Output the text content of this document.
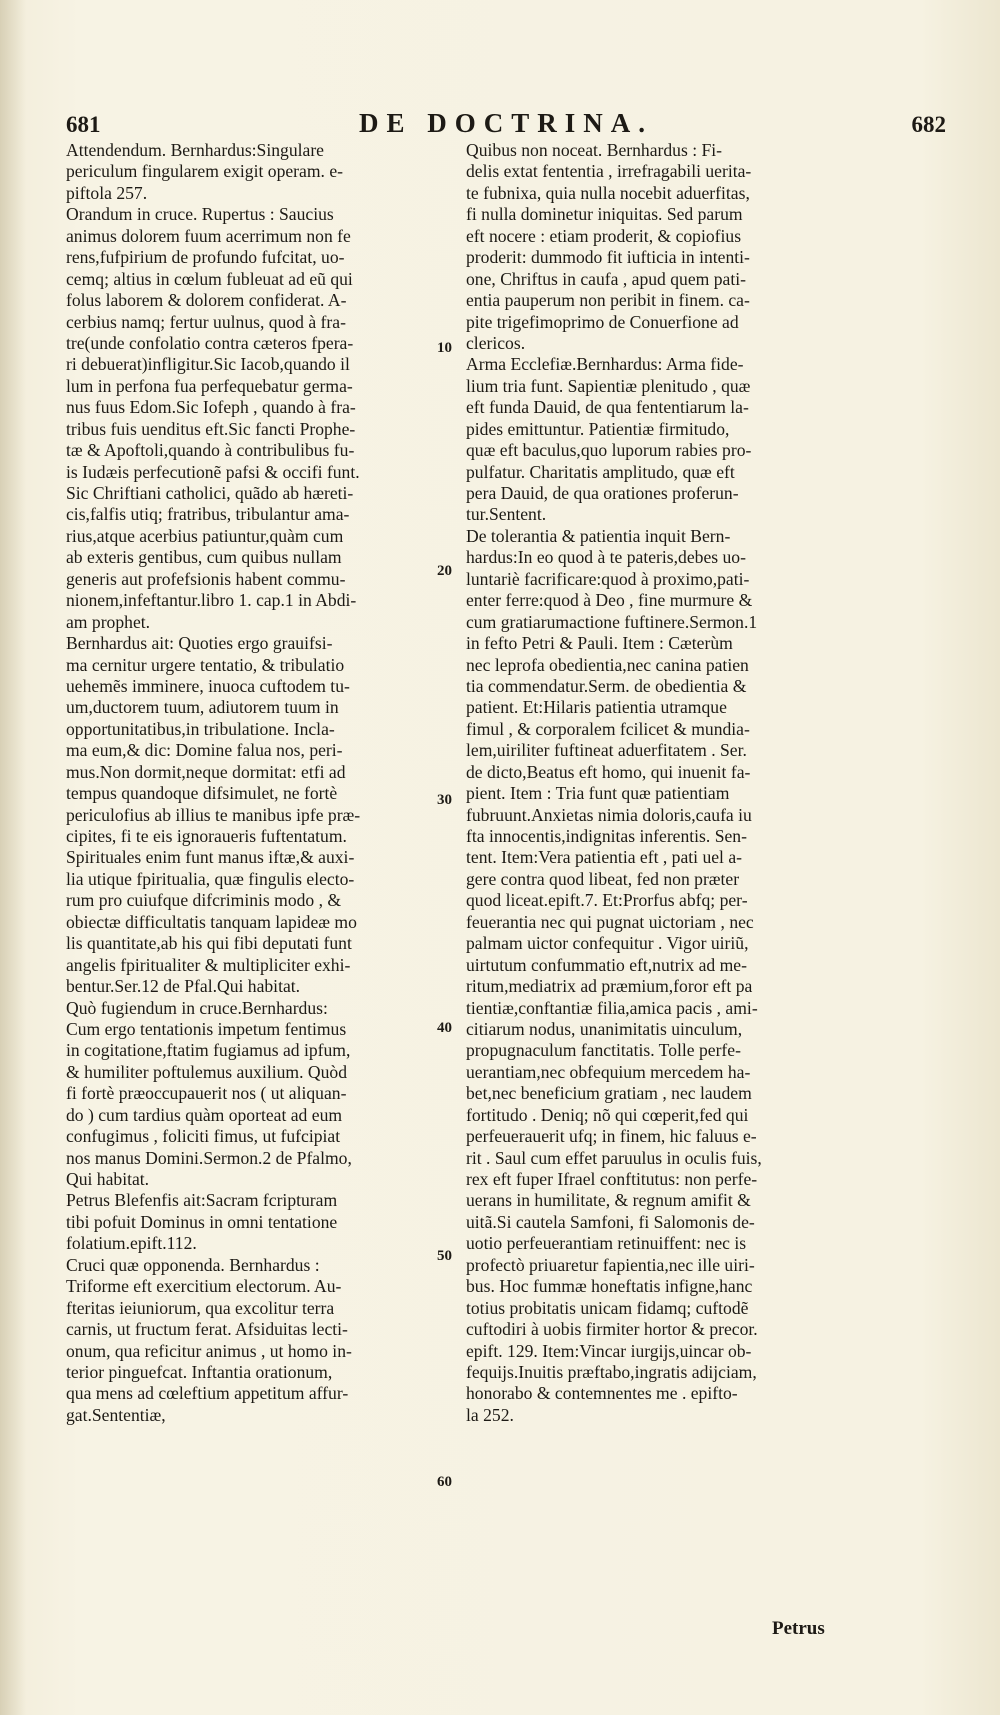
681	DE DOCTRINA.	682
Attendendum. Bernhardus:Singulare
periculum fingularem exigit operam. e-
piftola 257.
Orandum in cruce. Rupertus : Saucius
animus dolorem fuum acerrimum non fe
rens,fufpirium de profundo fufcitat, uo-
cemq; altius in cœlum fubleuat ad eũ qui
folus laborem & dolorem confiderat. A-
cerbius namq; fertur uulnus, quod à fra-
tre(unde confolatio contra cæteros fpera-
ri debuerat)infligitur.Sic Iacob,quando il
lum in perfona fua perfequebatur germa-
nus fuus Edom.Sic Iofeph , quando à fra-
tribus fuis uenditus eft.Sic fancti Prophe-
tæ & Apoftoli,quando à contribulibus fu-
is Iudæis perfecutionẽ pafsi & occifi funt.
Sic Chriftiani catholici, quãdo ab hæreti-
cis,falfis utiq; fratribus, tribulantur ama-
rius,atque acerbius patiuntur,quàm cum
ab exteris gentibus, cum quibus nullam
generis aut profefsionis habent commu-
nionem,infeftantur.libro 1. cap.1 in Abdi-
am prophet.
Bernhardus ait: Quoties ergo grauifsi-
ma cernitur urgere tentatio, & tribulatio
uehemẽs imminere, inuoca cuftodem tu-
um,ductorem tuum, adiutorem tuum in
opportunitatibus,in tribulatione. Incla-
ma eum,& dic: Domine falua nos, peri-
mus.Non dormit,neque dormitat: etfi ad
tempus quandoque difsimulet, ne fortè
periculofius ab illius te manibus ipfe præ-
cipites, fi te eis ignoraueris fuftentatum.
Spirituales enim funt manus iftæ,& auxi-
lia utique fpiritualia, quæ fingulis electo-
rum pro cuiufque difcriminis modo , &
obiectæ difficultatis tanquam lapideæ mo
lis quantitate,ab his qui fibi deputati funt
angelis fpiritualiter & multipliciter exhi-
bentur.Ser.12 de Pfal.Qui habitat.
Quò fugiendum in cruce.Bernhardus:
Cum ergo tentationis impetum fentimus
in cogitatione,ftatim fugiamus ad ipfum,
& humiliter poftulemus auxilium. Quòd
fi fortè præoccupauerit nos ( ut aliquan-
do ) cum tardius quàm oporteat ad eum
confugimus , foliciti fimus, ut fufcipiat
nos manus Domini.Sermon.2 de Pfalmo,
Qui habitat.
Petrus Blefenfis ait:Sacram fcripturam
tibi pofuit Dominus in omni tentatione
folatium.epift.112.
Cruci quæ opponenda. Bernhardus :
Triforme eft exercitium electorum. Au-
fteritas ieiuniorum, qua excolitur terra
carnis, ut fructum ferat. Afsiduitas lecti-
onum, qua reficitur animus , ut homo in-
terior pinguefcat. Inftantia orationum,
qua mens ad cœleftium appetitum affur-
gat.Sententiæ,
Quibus non noceat. Bernhardus : Fi-
delis extat fententia , irrefragabili uerita-
te fubnixa, quia nulla nocebit aduerfitas,
fi nulla dominetur iniquitas. Sed parum
eft nocere : etiam proderit, & copiofius
proderit: dummodo fit iufticia in intenti-
one, Chriftus in caufa , apud quem pati-
entia pauperum non peribit in finem. ca-
pite trigefimoprimo de Conuerfione ad
clericos.
Arma Ecclefiæ.Bernhardus: Arma fide-
lium tria funt. Sapientiæ plenitudo , quæ
eft funda Dauid, de qua fententiarum la-
pides emittuntur. Patientiæ firmitudo,
quæ eft baculus,quo luporum rabies pro-
pulfatur. Charitatis amplitudo, quæ eft
pera Dauid, de qua orationes proferun-
tur.Sentent.
De tolerantia & patientia inquit Bern-
hardus:In eo quod à te pateris,debes uo-
luntariè facrificare:quod à proximo,pati-
enter ferre:quod à Deo , fine murmure &
cum gratiarumactione fuftinere.Sermon.1
in fefto Petri & Pauli. Item : Cæterùm
nec leprofa obedientia,nec canina patien
tia commendatur.Serm. de obedientia &
patient. Et:Hilaris patientia utramque
fimul , & corporalem fcilicet & mundia-
lem,uiriliter fuftineat aduerfitatem . Ser.
de dicto,Beatus eft homo, qui inuenit fa-
pient. Item : Tria funt quæ patientiam
fubruunt.Anxietas nimia doloris,caufa iu
fta innocentis,indignitas inferentis. Sen-
tent. Item:Vera patientia eft , pati uel a-
gere contra quod libeat, fed non præter
quod liceat.epift.7. Et:Prorfus abfq; per-
feuerantia nec qui pugnat uictoriam , nec
palmam uictor confequitur . Vigor uiriũ,
uirtutum confummatio eft,nutrix ad me-
ritum,mediatrix ad præmium,foror eft pa
tientiæ,conftantiæ filia,amica pacis , ami-
citiarum nodus, unanimitatis uinculum,
propugnaculum fanctitatis. Tolle perfe-
uerantiam,nec obfequium mercedem ha-
bet,nec beneficium gratiam , nec laudem
fortitudo . Deniq; nõ qui cœperit,fed qui
perfeuerauerit ufq; in finem, hic faluus e-
rit . Saul cum effet paruulus in oculis fuis,
rex eft fuper Ifrael conftitutus: non perfe-
uerans in humilitate, & regnum amifit &
uitã.Si cautela Samfoni, fi Salomonis de-
uotio perfeuerantiam retinuiffent: nec is
profectò priuaretur fapientia,nec ille uiri-
bus. Hoc fummæ honeftatis infigne,hanc
totius probitatis unicam fidamq; cuftodẽ
cuftodiri à uobis firmiter hortor & precor.
epift. 129. Item:Vincar iurgijs,uincar ob-
fequijs.Inuitis præftabo,ingratis adijciam,
honorabo & contemnentes me . epifto-
la 252.
10
20
30
40
50
60
Petrus
